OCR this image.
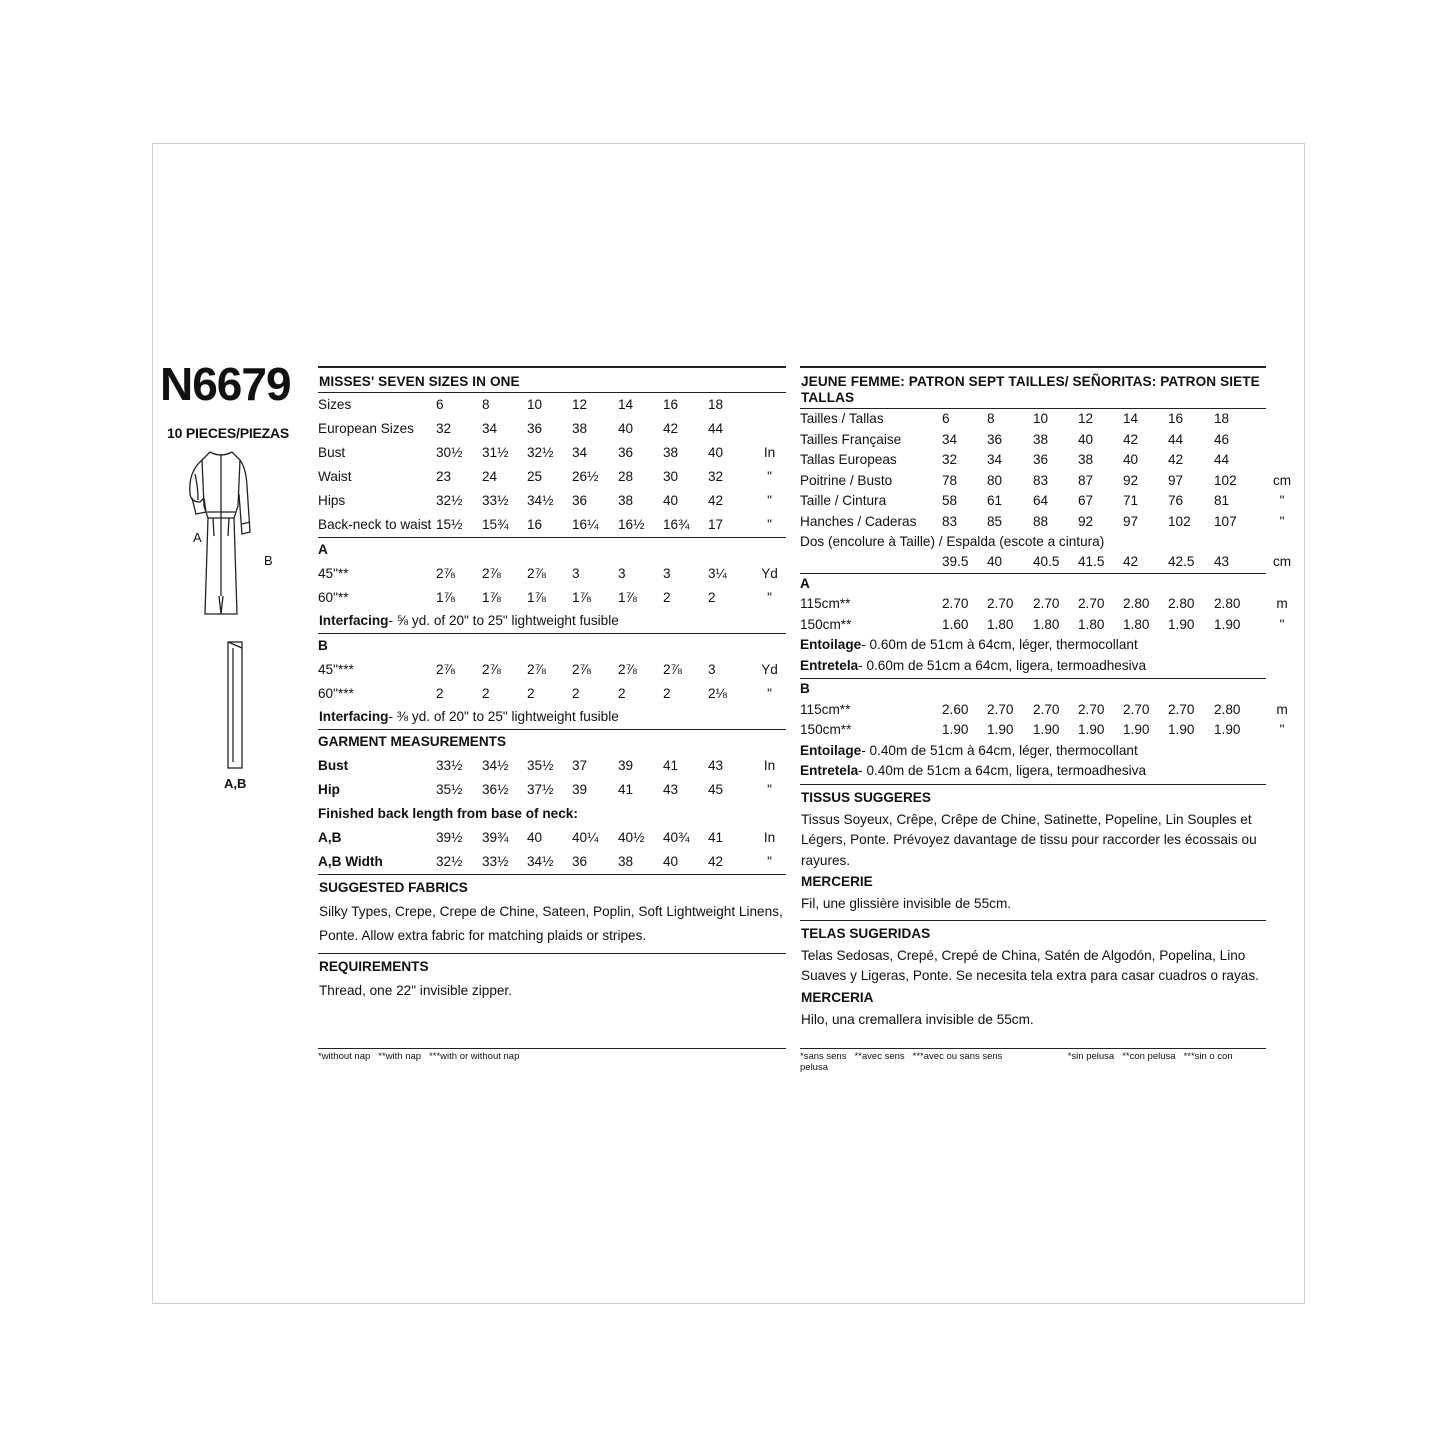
N6679
10 PIECES/PIEZAS
A
B
A,B
MISSES' SEVEN SIZES IN ONE
Sizes	6	8	10	12	14	16	18	
European Sizes	32	34	36	38	40	42	44	
Bust	30½	31½	32½	34	36	38	40	In
Waist	23	24	25	26½	28	30	32	"
Hips	32½	33½	34½	36	38	40	42	"
Back-neck to waist	15½	15¾	16	16¼	16½	16¾	17	"
A								
45"**	2⅞	2⅞	2⅞	3	3	3	3¼	Yd
60"**	1⅞	1⅞	1⅞	1⅞	1⅞	2	2	"
Interfacing- ⅝ yd. of 20" to 25" lightweight fusible
B								
45"***	2⅞	2⅞	2⅞	2⅞	2⅞	2⅞	3	Yd
60"***	2	2	2	2	2	2	2⅛	"
Interfacing- ⅜ yd. of 20" to 25" lightweight fusible
GARMENT MEASUREMENTS								
Bust	33½	34½	35½	37	39	41	43	In
Hip	35½	36½	37½	39	41	43	45	"
Finished back length from base of neck:								
A,B	39½	39¾	40	40¼	40½	40¾	41	In
A,B Width	32½	33½	34½	36	38	40	42	"
SUGGESTED FABRICS
Silky Types, Crepe, Crepe de Chine, Sateen, Poplin, Soft Lightweight Linens, Ponte. Allow extra fabric for matching plaids or stripes.
REQUIREMENTS
Thread, one 22" invisible zipper.
*without nap **with nap ***with or without nap
JEUNE FEMME: PATRON SEPT TAILLES/ SEÑORITAS: PATRON SIETE TALLAS
Tailles / Tallas	6	8	10	12	14	16	18	
Tailles Française	34	36	38	40	42	44	46	
Tallas Europeas	32	34	36	38	40	42	44	
Poitrine / Busto	78	80	83	87	92	97	102	cm
Taille / Cintura	58	61	64	67	71	76	81	"
Hanches / Caderas	83	85	88	92	97	102	107	"
Dos (encolure à Taille) / Espalda (escote a cintura)
	39.5	40	40.5	41.5	42	42.5	43	cm
A								
115cm**	2.70	2.70	2.70	2.70	2.80	2.80	2.80	m
150cm**	1.60	1.80	1.80	1.80	1.80	1.90	1.90	"
Entoilage- 0.60m de 51cm à 64cm, léger, thermocollant
Entretela- 0.60m de 51cm a 64cm, ligera, termoadhesiva
B								
115cm**	2.60	2.70	2.70	2.70	2.70	2.70	2.80	m
150cm**	1.90	1.90	1.90	1.90	1.90	1.90	1.90	"
Entoilage- 0.40m de 51cm à 64cm, léger, thermocollant
Entretela- 0.40m de 51cm a 64cm, ligera, termoadhesiva
TISSUS SUGGERES
Tissus Soyeux, Crêpe, Crêpe de Chine, Satinette, Popeline, Lin Souples et Légers, Ponte. Prévoyez davantage de tissu pour raccorder les écossais ou rayures.
MERCERIE
Fil, une glissière invisible de 55cm.
TELAS SUGERIDAS
Telas Sedosas, Crepé, Crepé de China, Satén de Algodón, Popelina, Lino Suaves y Ligeras, Ponte. Se necesita tela extra para casar cuadros o rayas.
MERCERIA
Hilo, una cremallera invisible de 55cm.
*sans sens **avec sens ***avec ou sans sens	*sin pelusa **con pelusa ***sin o con pelusa
